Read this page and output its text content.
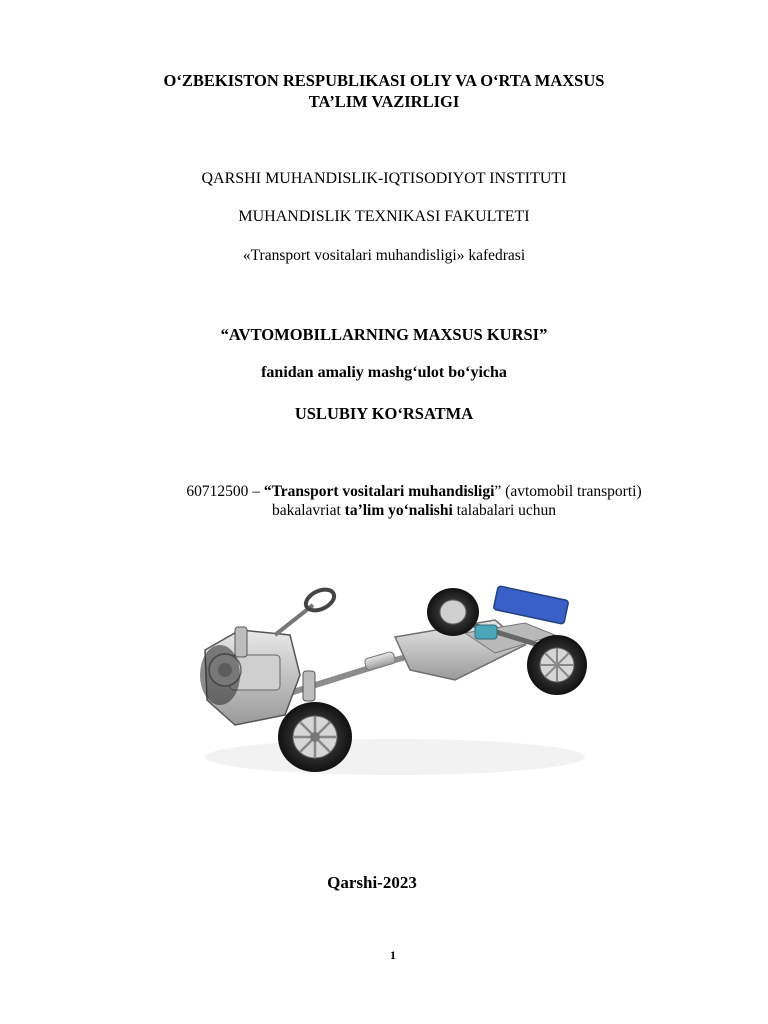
O‘ZBEKISTON RESPUBLIKASI OLIY VA O‘RTA MAXSUS
TA’LIM VAZIRLIGI
QARSHI MUHANDISLIK-IQTISODIYOT INSTITUTI
MUHANDISLIK TEXNIKASI FAKULTETI
«Transport vositalari muhandisligi» kafedrasi
“AVTOMOBILLARNING MAXSUS KURSI”
fanidan amaliy mashg‘ulot bo‘yicha
USLUBIY KO‘RSATMA
60712500 – “Transport vositalari muhandisligi” (avtomobil transporti)
bakalavriat ta’lim yo‘nalishi talabalari uchun
Qarshi-2023
1
